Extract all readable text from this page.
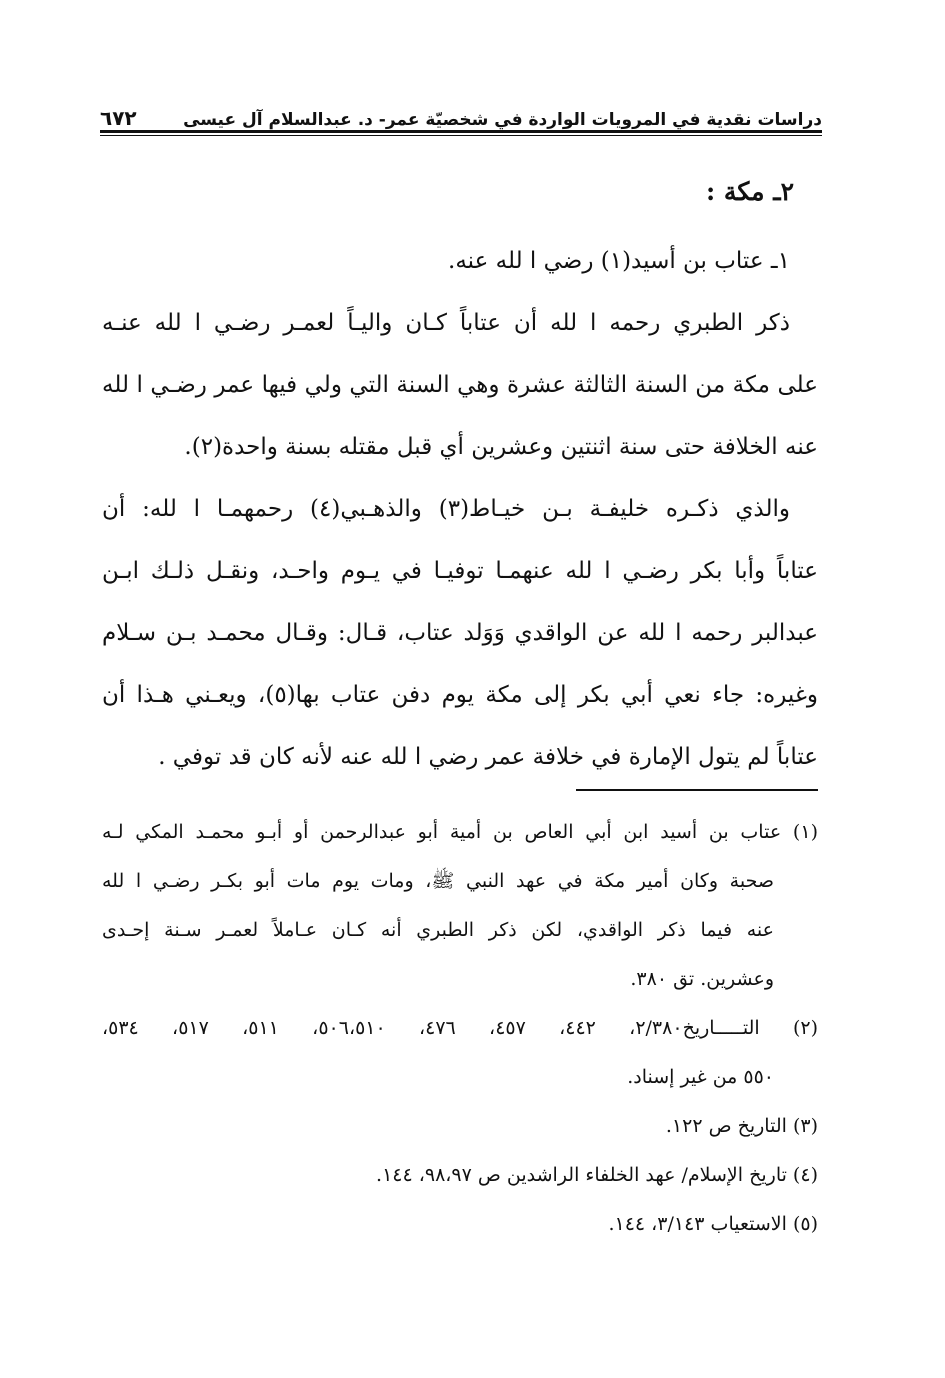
دراسات نقدية في المرويات الواردة في شخصيّة عمر- د. عبدالسلام آل عيسى
٦٧٢
٢ـ مكة :
١ـ عتاب بن أسيد(١) رضي ا لله عنه.
ذكر الطبري رحمه ا لله أن عتاباً كـان واليـاً لعمـر رضـي ا لله عنـه
على مكة من السنة الثالثة عشرة وهي السنة التي ولي فيها عمر رضـي ا لله
عنه الخلافة حتى سنة اثنتين وعشرين أي قبل مقتله بسنة واحدة(٢).
والذي ذكـره خليفـة بـن خيـاط(٣) والذهـبي(٤) رحمهمـا ا لله: أن
عتاباً وأبا بكر رضـي ا لله عنهمـا توفيـا في يـوم واحـد، ونقـل ذلـك ابـن
عبدالبر رحمه ا لله عن الواقدي وَوَلد عتاب، قـال: وقـال محمـد بـن سـلام
وغيره: جاء نعي أبي بكر إلى مكة يوم دفن عتاب بها(٥)، ويعـني هـذا أن
عتاباً لم يتول الإمارة في خلافة عمر رضي ا لله عنه لأنه كان قد توفي .
(١) عتاب بن أسيد ابن أبي العاص بن أمية أبو عبدالرحمن أو أبـو محمـد المكي لـه
صحبة وكان أمير مكة في عهد النبي ﷺ، ومات يوم مات أبو بكـر رضـي ا لله
عنه فيما ذكر الواقدي، لكن ذكر الطبري أنه كـان عـاملاً لعمـر سـنة إحـدى
وعشرين. تق ٣٨٠.
(٢) التـــــاريخ٢/٣٨٠، ٤٤٢، ٤٥٧، ٤٧٦، ٥٠٦،٥١٠، ٥١١، ٥١٧، ٥٣٤،
٥٥٠ من غير إسناد.
(٣) التاريخ ص ١٢٢.
(٤) تاريخ الإسلام/ عهد الخلفاء الراشدين ص ٩٨،٩٧، ١٤٤.
(٥) الاستعياب ٣/١٤٣، ١٤٤.
